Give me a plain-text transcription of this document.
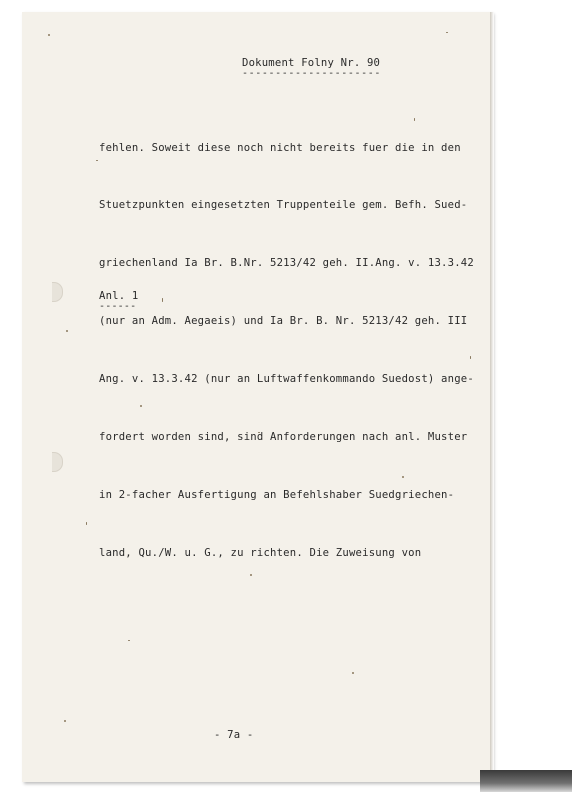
Dokument Folny Nr. 90
---------------------

fehlen. Soweit diese noch nicht bereits fuer die in den

Stuetzpunkten eingesetzten Truppenteile gem. Befh. Sued-

griechenland Ia Br. B.Nr. 5213/42 geh. II.Ang. v. 13.3.42

(nur an Adm. Aegaeis) und Ia Br. B. Nr. 5213/42 geh. III

Ang. v. 13.3.42 (nur an Luftwaffenkommando Suedost) ange-

fordert worden sind, sind Anforderungen nach anl. Muster

in 2-facher Ausfertigung an Befehlshaber Suedgriechen-

land, Qu./W. u. G., zu richten. Die Zuweisung von

Anl. 1
------
- 7a -
